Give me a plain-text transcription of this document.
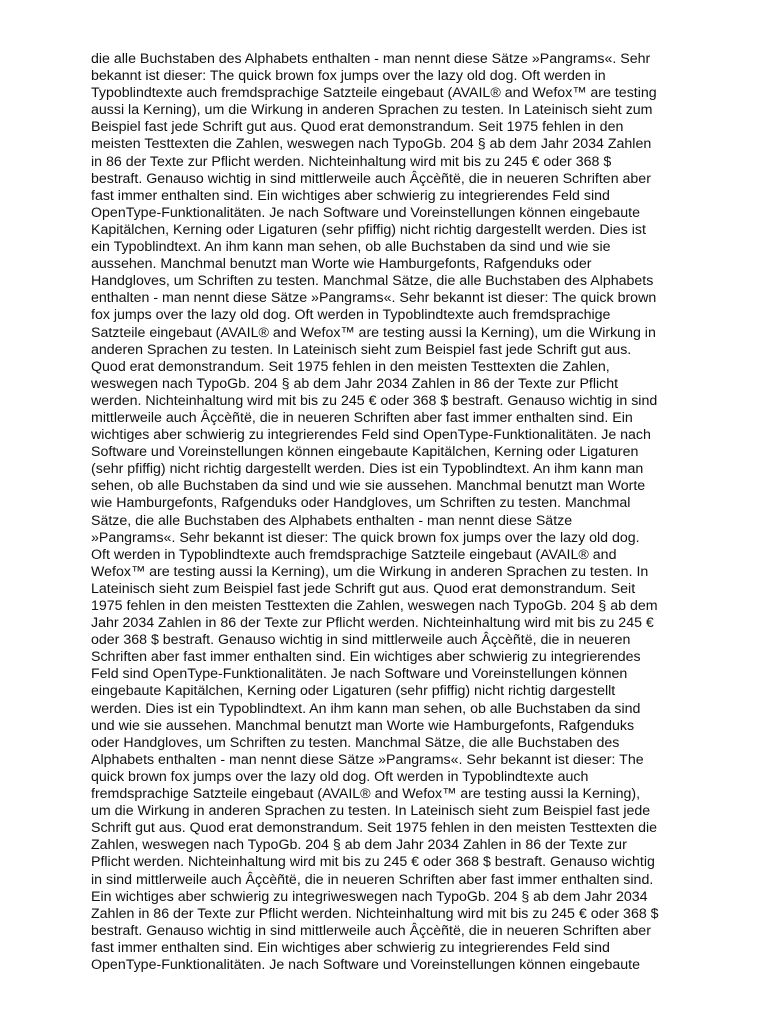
die alle Buchstaben des Alphabets enthalten - man nennt diese Sätze »Pangrams«. Sehr
bekannt ist dieser: The quick brown fox jumps over the lazy old dog. Oft werden in
Typoblindtexte auch fremdsprachige Satzteile eingebaut (AVAIL® and Wefox™ are testing
aussi la Kerning), um die Wirkung in anderen Sprachen zu testen. In Lateinisch sieht zum
Beispiel fast jede Schrift gut aus. Quod erat demonstrandum. Seit 1975 fehlen in den
meisten Testtexten die Zahlen, weswegen nach TypoGb. 204 § ab dem Jahr 2034 Zahlen
in 86 der Texte zur Pflicht werden. Nichteinhaltung wird mit bis zu 245 € oder 368 $
bestraft. Genauso wichtig in sind mittlerweile auch Âçcèñtë, die in neueren Schriften aber
fast immer enthalten sind. Ein wichtiges aber schwierig zu integrierendes Feld sind
OpenType-Funktionalitäten. Je nach Software und Voreinstellungen können eingebaute
Kapitälchen, Kerning oder Ligaturen (sehr pfiffig) nicht richtig dargestellt werden. Dies ist
ein Typoblindtext. An ihm kann man sehen, ob alle Buchstaben da sind und wie sie
aussehen. Manchmal benutzt man Worte wie Hamburgefonts, Rafgenduks oder
Handgloves, um Schriften zu testen. Manchmal Sätze, die alle Buchstaben des Alphabets
enthalten - man nennt diese Sätze »Pangrams«. Sehr bekannt ist dieser: The quick brown
fox jumps over the lazy old dog. Oft werden in Typoblindtexte auch fremdsprachige
Satzteile eingebaut (AVAIL® and Wefox™ are testing aussi la Kerning), um die Wirkung in
anderen Sprachen zu testen. In Lateinisch sieht zum Beispiel fast jede Schrift gut aus.
Quod erat demonstrandum. Seit 1975 fehlen in den meisten Testtexten die Zahlen,
weswegen nach TypoGb. 204 § ab dem Jahr 2034 Zahlen in 86 der Texte zur Pflicht
werden. Nichteinhaltung wird mit bis zu 245 € oder 368 $ bestraft. Genauso wichtig in sind
mittlerweile auch Âçcèñtë, die in neueren Schriften aber fast immer enthalten sind. Ein
wichtiges aber schwierig zu integrierendes Feld sind OpenType-Funktionalitäten. Je nach
Software und Voreinstellungen können eingebaute Kapitälchen, Kerning oder Ligaturen
(sehr pfiffig) nicht richtig dargestellt werden. Dies ist ein Typoblindtext. An ihm kann man
sehen, ob alle Buchstaben da sind und wie sie aussehen. Manchmal benutzt man Worte
wie Hamburgefonts, Rafgenduks oder Handgloves, um Schriften zu testen. Manchmal
Sätze, die alle Buchstaben des Alphabets enthalten - man nennt diese Sätze
»Pangrams«. Sehr bekannt ist dieser: The quick brown fox jumps over the lazy old dog.
Oft werden in Typoblindtexte auch fremdsprachige Satzteile eingebaut (AVAIL® and
Wefox™ are testing aussi la Kerning), um die Wirkung in anderen Sprachen zu testen. In
Lateinisch sieht zum Beispiel fast jede Schrift gut aus. Quod erat demonstrandum. Seit
1975 fehlen in den meisten Testtexten die Zahlen, weswegen nach TypoGb. 204 § ab dem
Jahr 2034 Zahlen in 86 der Texte zur Pflicht werden. Nichteinhaltung wird mit bis zu 245 €
oder 368 $ bestraft. Genauso wichtig in sind mittlerweile auch Âçcèñtë, die in neueren
Schriften aber fast immer enthalten sind. Ein wichtiges aber schwierig zu integrierendes
Feld sind OpenType-Funktionalitäten. Je nach Software und Voreinstellungen können
eingebaute Kapitälchen, Kerning oder Ligaturen (sehr pfiffig) nicht richtig dargestellt
werden. Dies ist ein Typoblindtext. An ihm kann man sehen, ob alle Buchstaben da sind
und wie sie aussehen. Manchmal benutzt man Worte wie Hamburgefonts, Rafgenduks
oder Handgloves, um Schriften zu testen. Manchmal Sätze, die alle Buchstaben des
Alphabets enthalten - man nennt diese Sätze »Pangrams«. Sehr bekannt ist dieser: The
quick brown fox jumps over the lazy old dog. Oft werden in Typoblindtexte auch
fremdsprachige Satzteile eingebaut (AVAIL® and Wefox™ are testing aussi la Kerning),
um die Wirkung in anderen Sprachen zu testen. In Lateinisch sieht zum Beispiel fast jede
Schrift gut aus. Quod erat demonstrandum. Seit 1975 fehlen in den meisten Testtexten die
Zahlen, weswegen nach TypoGb. 204 § ab dem Jahr 2034 Zahlen in 86 der Texte zur
Pflicht werden. Nichteinhaltung wird mit bis zu 245 € oder 368 $ bestraft. Genauso wichtig
in sind mittlerweile auch Âçcèñtë, die in neueren Schriften aber fast immer enthalten sind.
Ein wichtiges aber schwierig zu integriweswegen nach TypoGb. 204 § ab dem Jahr 2034
Zahlen in 86 der Texte zur Pflicht werden. Nichteinhaltung wird mit bis zu 245 € oder 368 $
bestraft. Genauso wichtig in sind mittlerweile auch Âçcèñtë, die in neueren Schriften aber
fast immer enthalten sind. Ein wichtiges aber schwierig zu integrierendes Feld sind
OpenType-Funktionalitäten. Je nach Software und Voreinstellungen können eingebaute
